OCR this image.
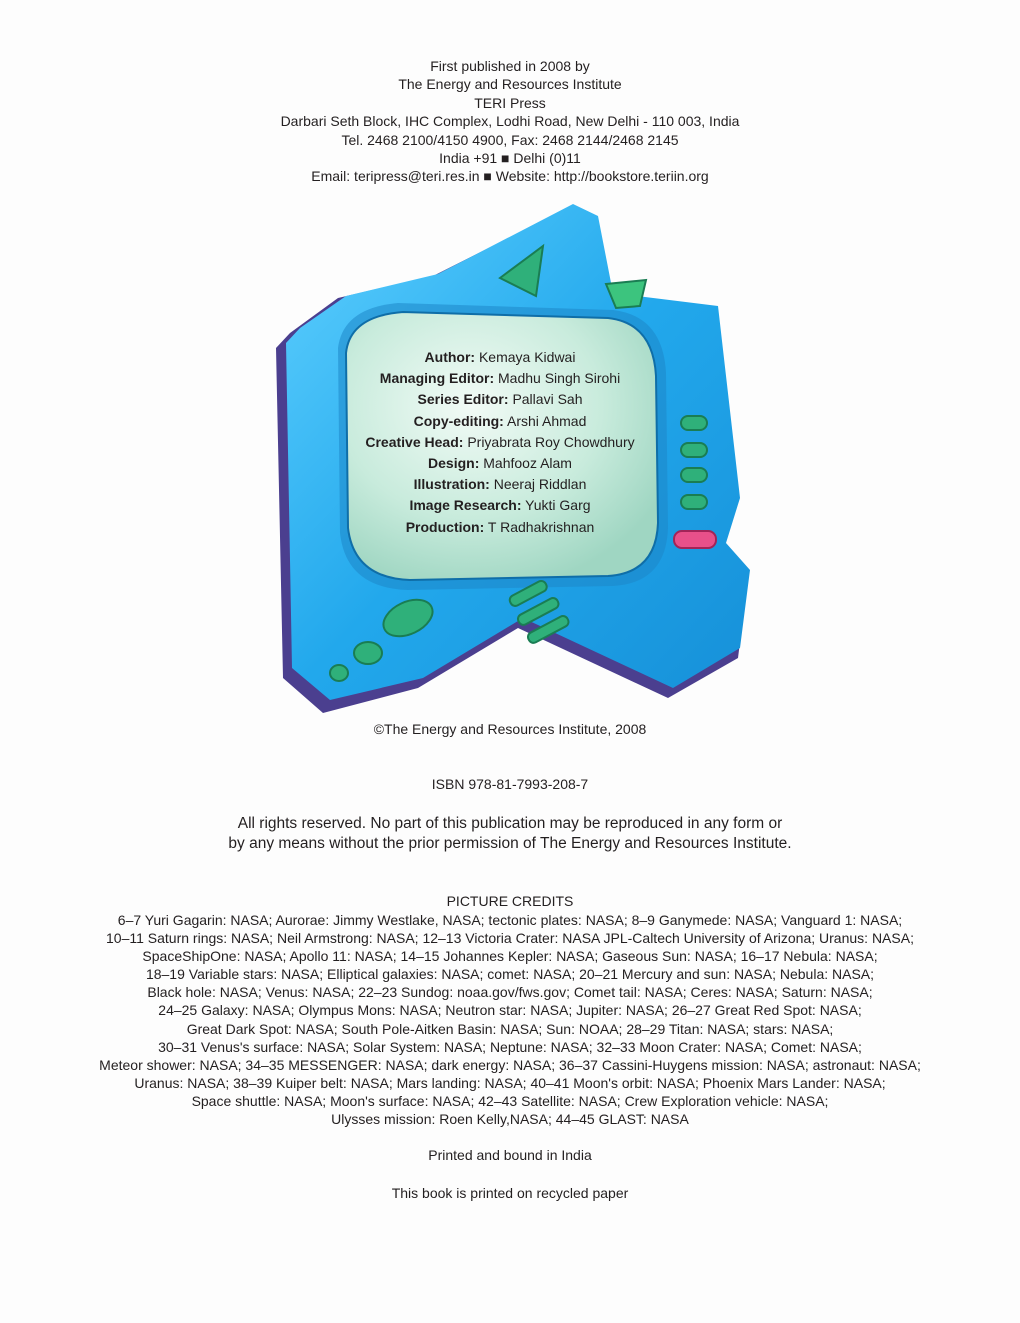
First published in 2008 by
The Energy and Resources Institute
TERI Press
Darbari Seth Block, IHC Complex, Lodhi Road, New Delhi - 110 003, India
Tel. 2468 2100/4150 4900, Fax: 2468 2144/2468 2145
India +91 ■ Delhi (0)11
Email: teripress@teri.res.in ■ Website: http://bookstore.teriin.org
Author: Kemaya Kidwai
Managing Editor: Madhu Singh Sirohi
Series Editor: Pallavi Sah
Copy-editing: Arshi Ahmad
Creative Head: Priyabrata Roy Chowdhury
Design: Mahfooz Alam
Illustration: Neeraj Riddlan
Image Research: Yukti Garg
Production: T Radhakrishnan
©The Energy and Resources Institute, 2008
ISBN 978-81-7993-208-7
All rights reserved. No part of this publication may be reproduced in any form or
by any means without the prior permission of The Energy and Resources Institute.
PICTURE CREDITS
6–7 Yuri Gagarin: NASA; Aurorae: Jimmy Westlake, NASA; tectonic plates: NASA; 8–9 Ganymede: NASA; Vanguard 1: NASA;
10–11 Saturn rings: NASA; Neil Armstrong: NASA; 12–13 Victoria Crater: NASA JPL-Caltech University of Arizona; Uranus: NASA;
SpaceShipOne: NASA; Apollo 11: NASA; 14–15 Johannes Kepler: NASA; Gaseous Sun: NASA; 16–17 Nebula: NASA;
18–19 Variable stars: NASA; Elliptical galaxies: NASA; comet: NASA; 20–21 Mercury and sun: NASA; Nebula: NASA;
Black hole: NASA; Venus: NASA; 22–23 Sundog: noaa.gov/fws.gov; Comet tail: NASA; Ceres: NASA; Saturn: NASA;
24–25 Galaxy: NASA; Olympus Mons: NASA; Neutron star: NASA; Jupiter: NASA; 26–27 Great Red Spot: NASA;
Great Dark Spot: NASA; South Pole-Aitken Basin: NASA; Sun: NOAA; 28–29 Titan: NASA; stars: NASA;
30–31 Venus's surface: NASA; Solar System: NASA; Neptune: NASA; 32–33 Moon Crater: NASA; Comet: NASA;
Meteor shower: NASA; 34–35 MESSENGER: NASA; dark energy: NASA; 36–37 Cassini-Huygens mission: NASA; astronaut: NASA;
Uranus: NASA; 38–39 Kuiper belt: NASA; Mars landing: NASA; 40–41 Moon's orbit: NASA; Phoenix Mars Lander: NASA;
Space shuttle: NASA; Moon's surface: NASA; 42–43 Satellite: NASA; Crew Exploration vehicle: NASA;
Ulysses mission: Roen Kelly,NASA; 44–45 GLAST: NASA
Printed and bound in India
This book is printed on recycled paper
